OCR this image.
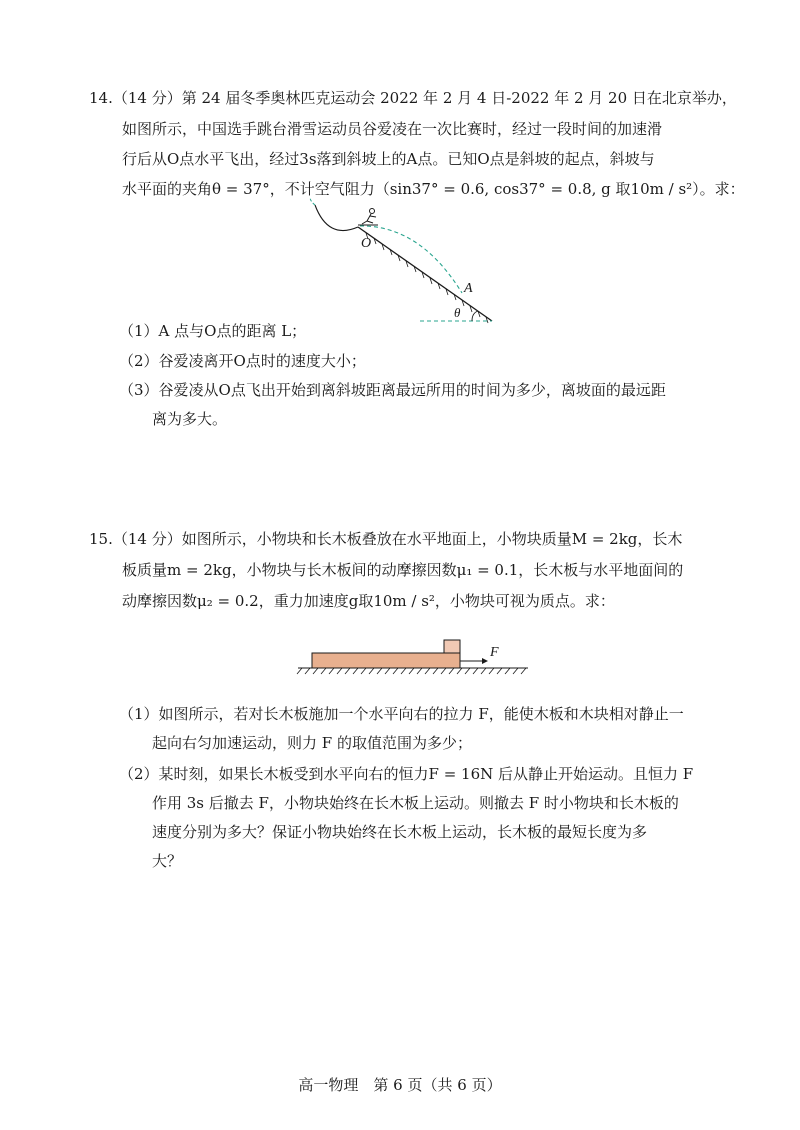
14.（14 分）第 24 届冬季奥林匹克运动会 2022 年 2 月 4 日-2022 年 2 月 20 日在北京举办，
如图所示，中国选手跳台滑雪运动员谷爱凌在一次比赛时，经过一段时间的加速滑
行后从O点水平飞出，经过3s落到斜坡上的A点。已知O点是斜坡的起点，斜坡与
水平面的夹角θ = 37°，不计空气阻力（sin37° = 0.6, cos37° = 0.8, g 取10m / s²）。求：
O
A
θ
（1）A 点与O点的距离 L；
（2）谷爱凌离开O点时的速度大小；
（3）谷爱凌从O点飞出开始到离斜坡距离最远所用的时间为多少，离坡面的最远距
离为多大。
15.（14 分）如图所示，小物块和长木板叠放在水平地面上，小物块质量M = 2kg，长木
板质量m = 2kg，小物块与长木板间的动摩擦因数μ₁ = 0.1，长木板与水平地面间的
动摩擦因数μ₂ = 0.2，重力加速度g取10m / s²，小物块可视为质点。求：
F
（1）如图所示，若对长木板施加一个水平向右的拉力 F，能使木板和木块相对静止一
起向右匀加速运动，则力 F 的取值范围为多少；
（2）某时刻，如果长木板受到水平向右的恒力F = 16N 后从静止开始运动。且恒力 F
作用 3s 后撤去 F，小物块始终在长木板上运动。则撤去 F 时小物块和长木板的
速度分别为多大？保证小物块始终在长木板上运动，长木板的最短长度为多
大？
高一物理　第 6 页（共 6 页）
